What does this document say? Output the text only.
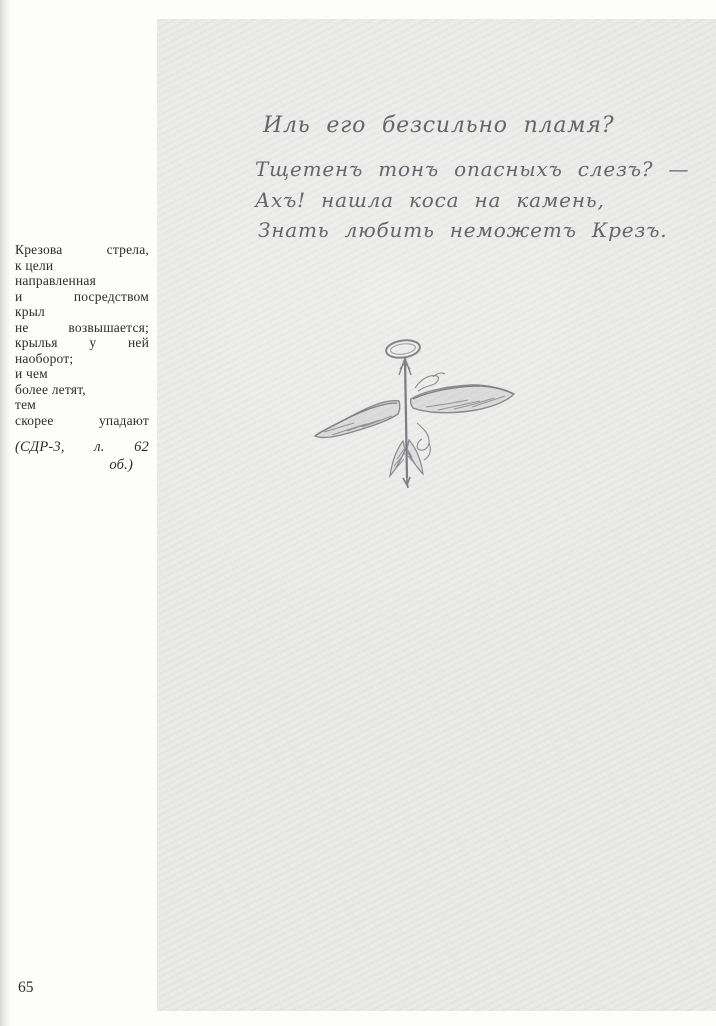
Иль его безсильно пламя?
Тщетенъ тонъ опасныхъ слезъ? —
Ахъ! нашла коса на камень,
Знать любить неможетъ Крезъ.
Крезова стрела,
к цели
направленная
и посредством
крыл
не возвышается;
крылья у ней
наоборот;
и чем
более летят,
тем
скорее упадают
(СДР-3, л. 62
об.)
65
